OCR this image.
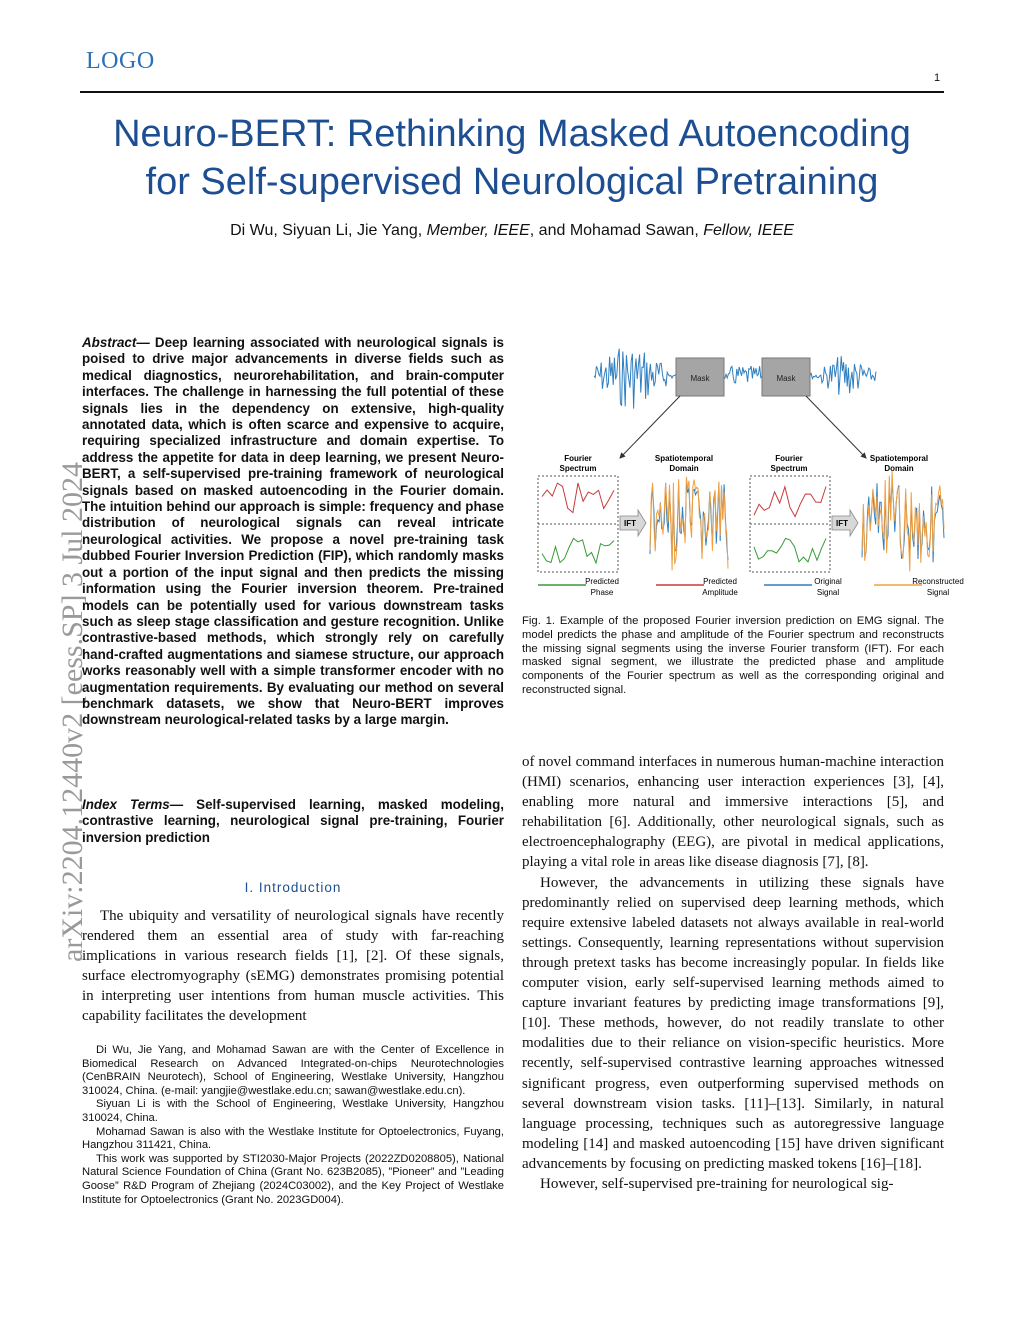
LOGO
1
Neuro-BERT: Rethinking Masked Autoencoding
for Self-supervised Neurological Pretraining
Di Wu, Siyuan Li, Jie Yang, Member, IEEE, and Mohamad Sawan, Fellow, IEEE
arXiv:2204.12440v2 [eess.SP] 3 Jul 2024
Abstract— Deep learning associated with neurological signals is poised to drive major advancements in diverse fields such as medical diagnostics, neurorehabilitation, and brain-computer interfaces. The challenge in harnessing the full potential of these signals lies in the dependency on extensive, high-quality annotated data, which is often scarce and expensive to acquire, requiring specialized infrastructure and domain expertise. To address the appetite for data in deep learning, we present Neuro-BERT, a self-supervised pre-training framework of neurological signals based on masked autoencoding in the Fourier domain. The intuition behind our approach is simple: frequency and phase distribution of neurological signals can reveal intricate neurological activities. We propose a novel pre-training task dubbed Fourier Inversion Prediction (FIP), which randomly masks out a portion of the input signal and then predicts the missing information using the Fourier inversion theorem. Pre-trained models can be potentially used for various downstream tasks such as sleep stage classification and gesture recognition. Unlike contrastive-based methods, which strongly rely on carefully hand-crafted augmentations and siamese structure, our approach works reasonably well with a simple transformer encoder with no augmentation requirements. By evaluating our method on several benchmark datasets, we show that Neuro-BERT improves downstream neurological-related tasks by a large margin.
Index Terms— Self-supervised learning, masked modeling, contrastive learning, neurological signal pre-training, Fourier inversion prediction
I. Introduction
The ubiquity and versatility of neurological signals have recently rendered them an essential area of study with far-reaching implications in various research fields [1], [2]. Of these signals, surface electromyography (sEMG) demonstrates promising potential in interpreting user intentions from human muscle activities. This capability facilitates the development

Di Wu, Jie Yang, and Mohamad Sawan are with the Center of Excellence in Biomedical Research on Advanced Integrated-on-chips Neurotechnologies (CenBRAIN Neurotech), School of Engineering, Westlake University, Hangzhou 310024, China. (e-mail: yangjie@westlake.edu.cn; sawan@westlake.edu.cn).

Siyuan Li is with the School of Engineering, Westlake University, Hangzhou 310024, China.

Mohamad Sawan is also with the Westlake Institute for Optoelectronics, Fuyang, Hangzhou 311421, China.

This work was supported by STI2030-Major Projects (2022ZD0208805), National Natural Science Foundation of China (Grant No. 623B2085), ”Pioneer” and ”Leading Goose” R&D Program of Zhejiang (2024C03002), and the Key Project of Westlake Institute for Optoelectronics (Grant No. 2023GD004).

Mask	Mask
Fourier
Spectrum
Spatiotemporal
Domain
Fourier
Spectrum
Spatiotemporal
Domain
IFT	IFT
Predicted
Phase
Predicted
Amplitude
Original
Signal
Reconstructed
Signal
Fig. 1. Example of the proposed Fourier inversion prediction on EMG signal. The model predicts the phase and amplitude of the Fourier spectrum and reconstructs the missing signal segments using the inverse Fourier transform (IFT). For each masked signal segment, we illustrate the predicted phase and amplitude components of the Fourier spectrum as well as the corresponding original and reconstructed signal.

of novel command interfaces in numerous human-machine interaction (HMI) scenarios, enhancing user interaction experiences [3], [4], enabling more natural and immersive interactions [5], and rehabilitation [6]. Additionally, other neurological signals, such as electroencephalography (EEG), are pivotal in medical applications, playing a vital role in areas like disease diagnosis [7], [8].

However, the advancements in utilizing these signals have predominantly relied on supervised deep learning methods, which require extensive labeled datasets not always available in real-world settings. Consequently, learning representations without supervision through pretext tasks has become increasingly popular. In fields like computer vision, early self-supervised learning methods aimed to capture invariant features by predicting image transformations [9], [10]. These methods, however, do not readily translate to other modalities due to their reliance on vision-specific heuristics. More recently, self-supervised contrastive learning approaches witnessed significant progress, even outperforming supervised methods on several downstream vision tasks. [11]–[13]. Similarly, in natural language processing, techniques such as autoregressive language modeling [14] and masked autoencoding [15] have driven significant advancements by focusing on predicting masked tokens [16]–[18].

However, self-supervised pre-training for neurological sig-
